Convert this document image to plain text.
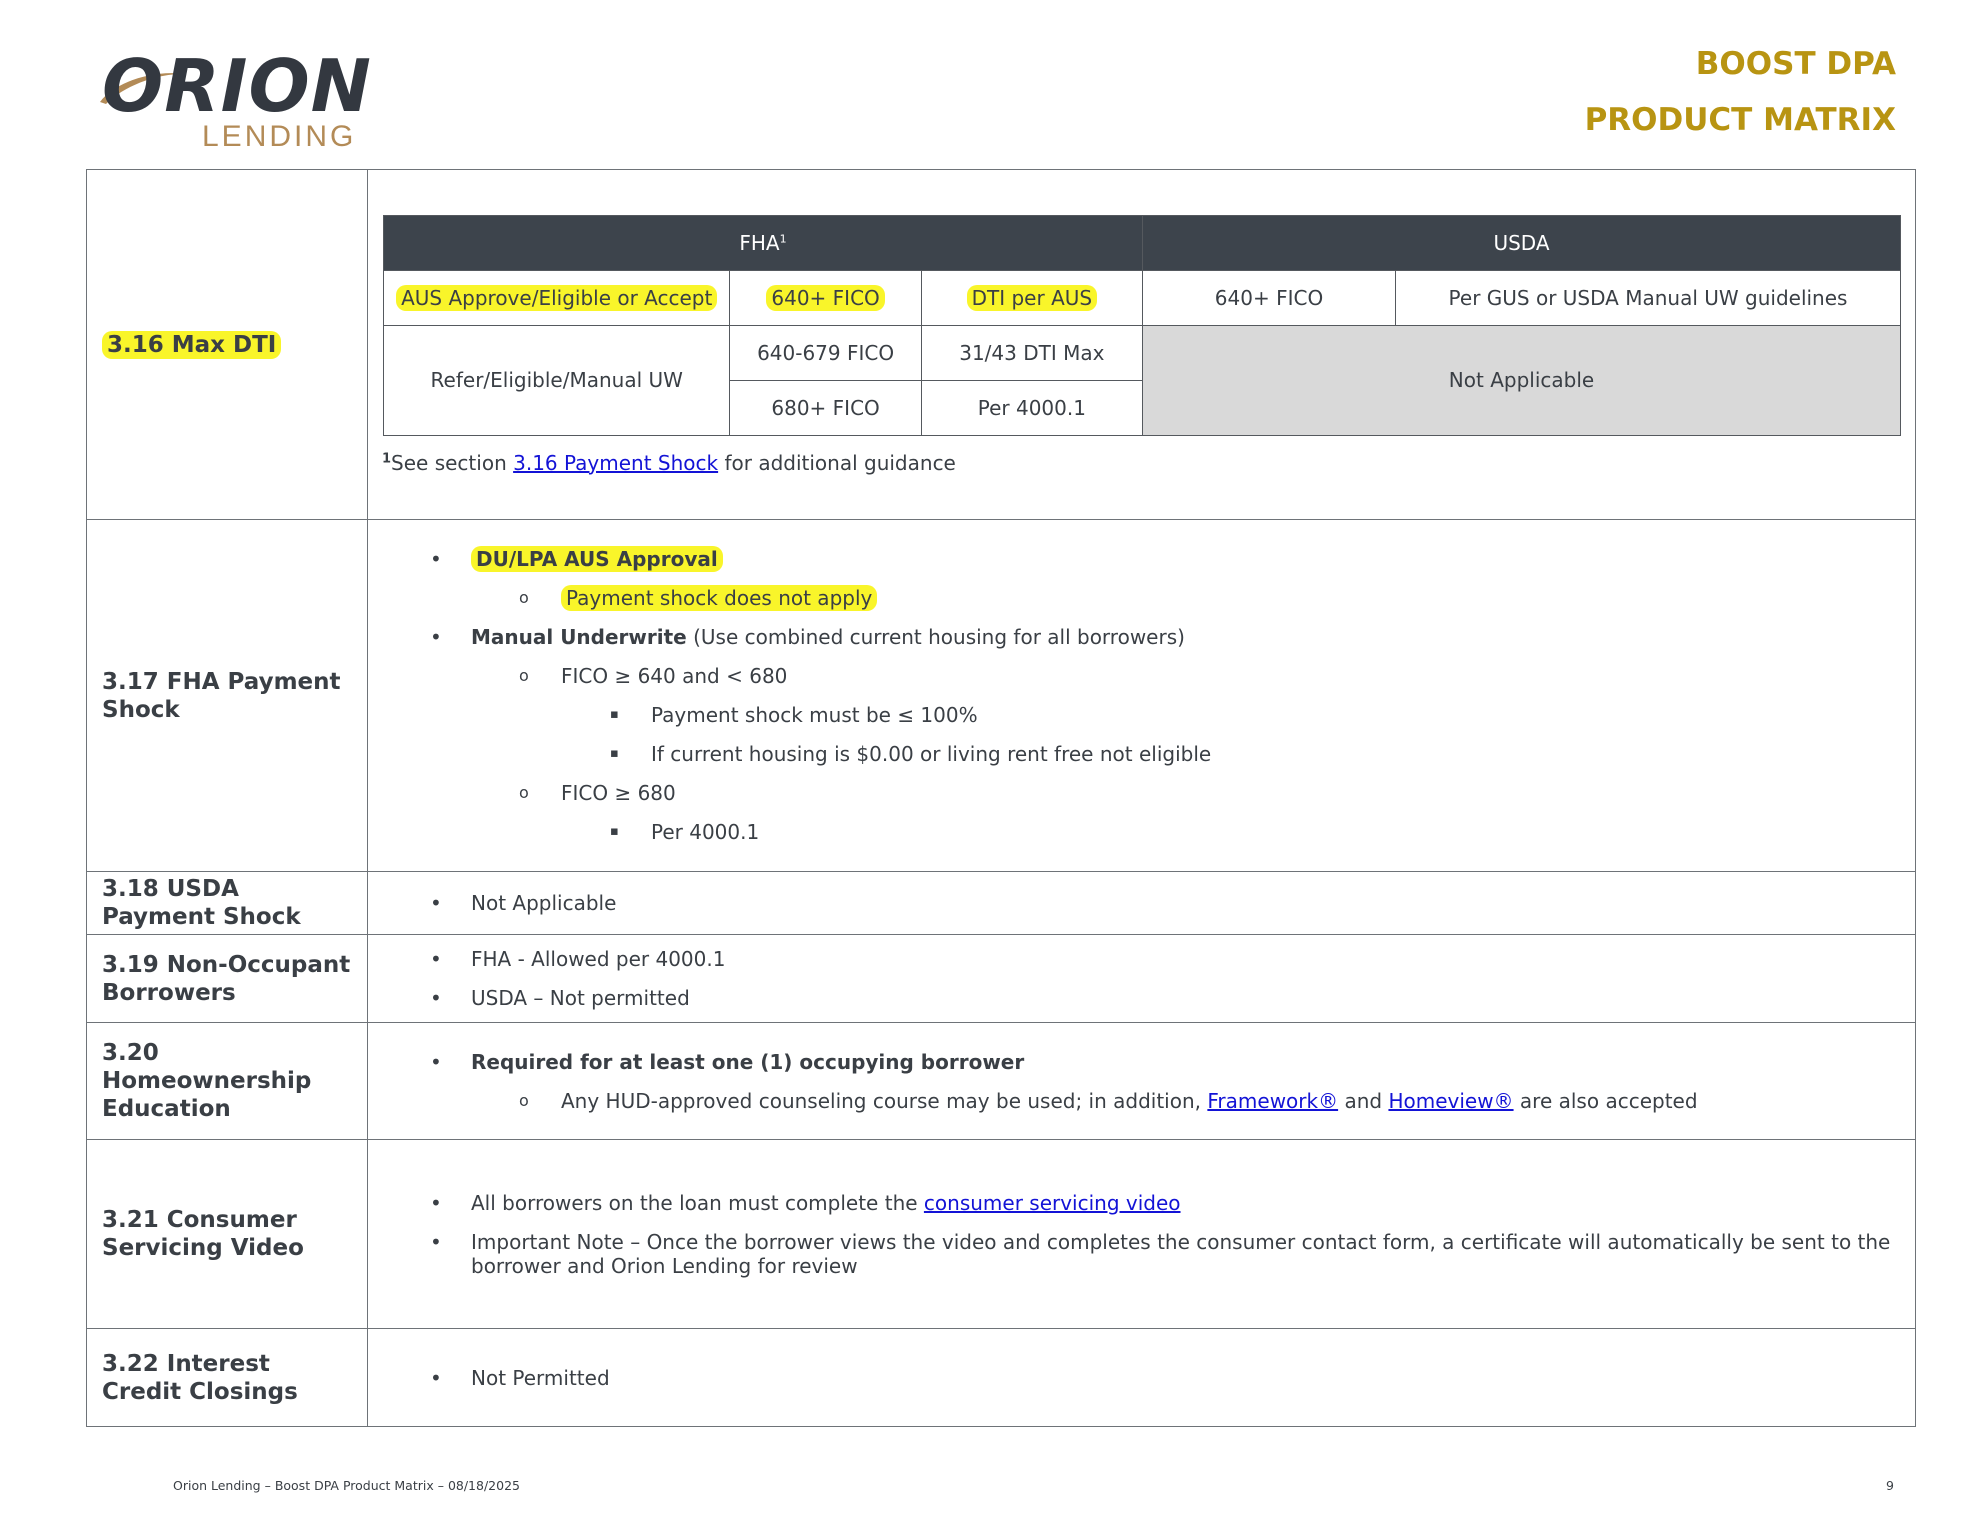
ORION
LENDING
BOOST DPA
PRODUCT MATRIX
3.16 Max DTI	
FHA$^1$	USDA
AUS Approve/Eligible or Accept	640+ FICO	DTI per AUS	640+ FICO	Per GUS or USDA Manual UW guidelines
Refer/Eligible/Manual UW	640-679 FICO	31/43 DTI Max	Not Applicable
680+ FICO	Per 4000.1
$^1$See section 3.16 Payment Shock for additional guidance

3.17 FHA Payment Shock	
• DU/LPA AUS Approval
o Payment shock does not apply
• Manual Underwrite (Use combined current housing for all borrowers)
o FICO ≥ 640 and < 680
▪ Payment shock must be ≤ 100%
▪ If current housing is $0.00 or living rent free not eligible
o FICO ≥ 680
▪ Per 4000.1

3.18 USDA Payment Shock	
• Not Applicable

3.19 Non-Occupant Borrowers	
• FHA - Allowed per 4000.1
• USDA – Not permitted

3.20 Homeownership Education	
• Required for at least one (1) occupying borrower
o Any HUD-approved counseling course may be used; in addition, Framework® and Homeview® are also accepted

3.21 Consumer Servicing Video	
• All borrowers on the loan must complete the consumer servicing video
• Important Note – Once the borrower views the video and completes the consumer contact form, a certificate will automatically be sent to the borrower and Orion Lending for review

3.22 Interest Credit Closings	
• Not Permitted
Orion Lending – Boost DPA Product Matrix – 08/18/2025	9
